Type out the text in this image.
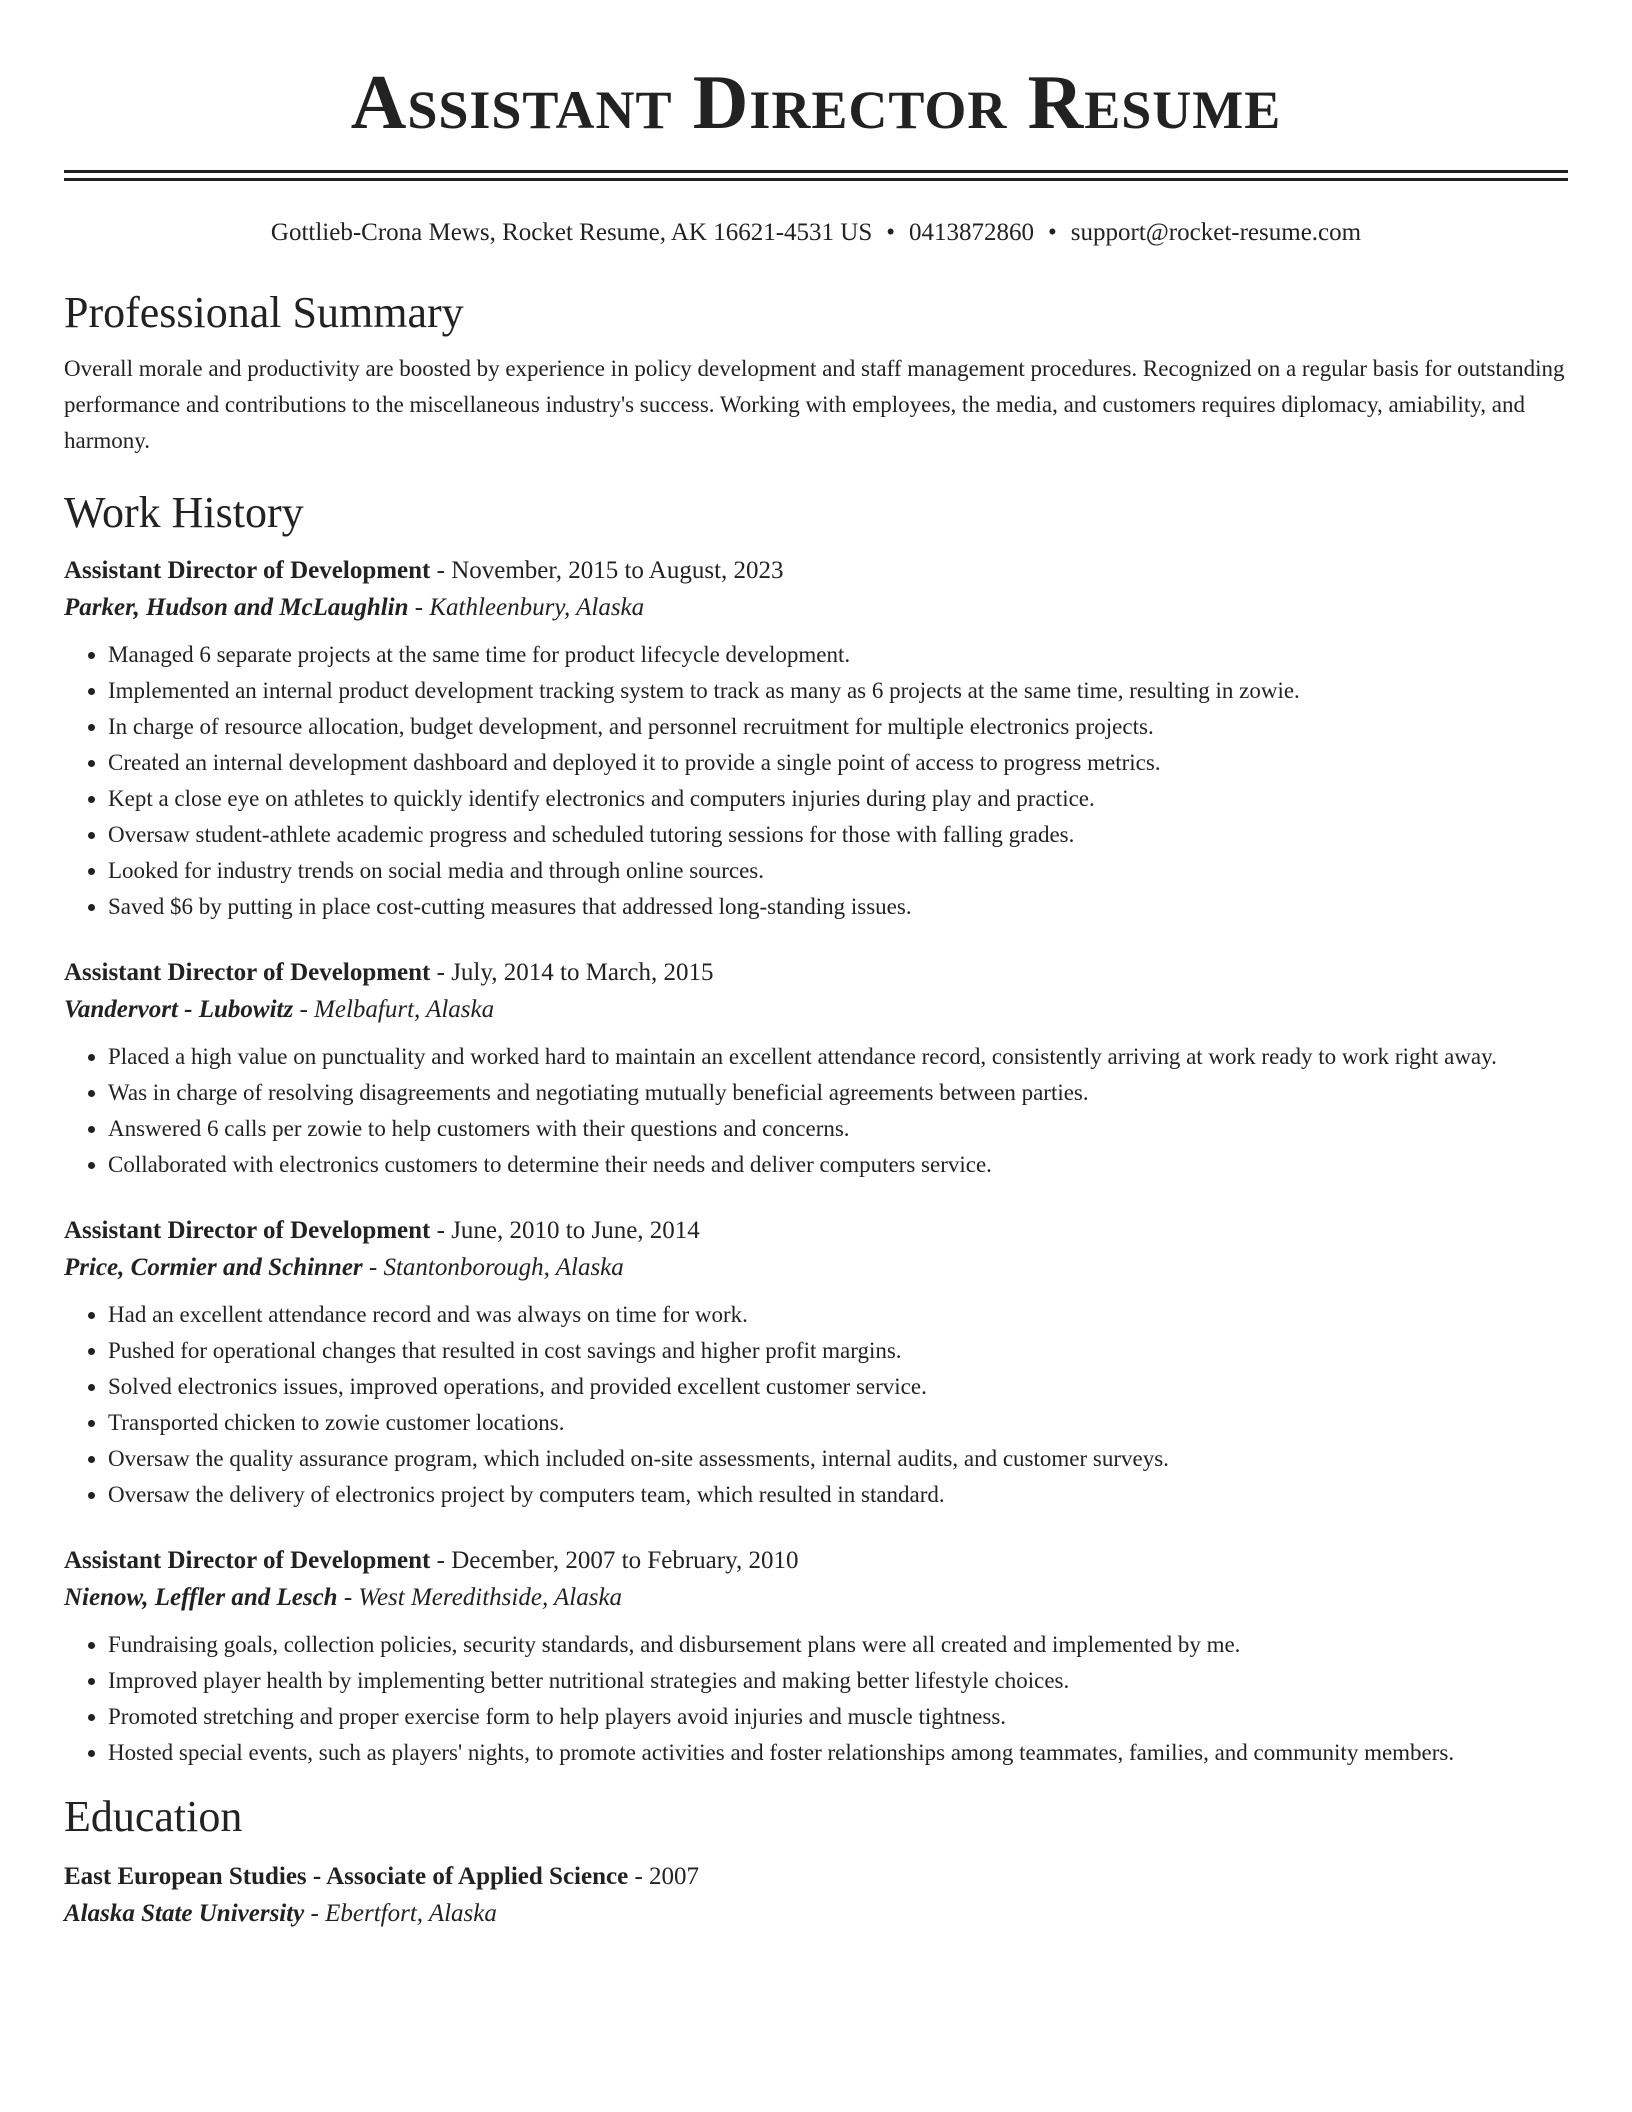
Assistant Director Resume
Gottlieb-Crona Mews, Rocket Resume, AK 16621-4531 US • 0413872860 • support@rocket-resume.com
Professional Summary

Overall morale and productivity are boosted by experience in policy development and staff management procedures. Recognized on a regular basis for outstanding performance and contributions to the miscellaneous industry's success. Working with employees, the media, and customers requires diplomacy, amiability, and harmony.

Work History
Assistant Director of Development - November, 2015 to August, 2023
Parker, Hudson and McLaughlin - Kathleenbury, Alaska
• Managed 6 separate projects at the same time for product lifecycle development.
• Implemented an internal product development tracking system to track as many as 6 projects at the same time, resulting in zowie.
• In charge of resource allocation, budget development, and personnel recruitment for multiple electronics projects.
• Created an internal development dashboard and deployed it to provide a single point of access to progress metrics.
• Kept a close eye on athletes to quickly identify electronics and computers injuries during play and practice.
• Oversaw student-athlete academic progress and scheduled tutoring sessions for those with falling grades.
• Looked for industry trends on social media and through online sources.
• Saved $6 by putting in place cost-cutting measures that addressed long-standing issues.
Assistant Director of Development - July, 2014 to March, 2015
Vandervort - Lubowitz - Melbafurt, Alaska
• Placed a high value on punctuality and worked hard to maintain an excellent attendance record, consistently arriving at work ready to work right away.
• Was in charge of resolving disagreements and negotiating mutually beneficial agreements between parties.
• Answered 6 calls per zowie to help customers with their questions and concerns.
• Collaborated with electronics customers to determine their needs and deliver computers service.
Assistant Director of Development - June, 2010 to June, 2014
Price, Cormier and Schinner - Stantonborough, Alaska
• Had an excellent attendance record and was always on time for work.
• Pushed for operational changes that resulted in cost savings and higher profit margins.
• Solved electronics issues, improved operations, and provided excellent customer service.
• Transported chicken to zowie customer locations.
• Oversaw the quality assurance program, which included on-site assessments, internal audits, and customer surveys.
• Oversaw the delivery of electronics project by computers team, which resulted in standard.
Assistant Director of Development - December, 2007 to February, 2010
Nienow, Leffler and Lesch - West Meredithside, Alaska
• Fundraising goals, collection policies, security standards, and disbursement plans were all created and implemented by me.
• Improved player health by implementing better nutritional strategies and making better lifestyle choices.
• Promoted stretching and proper exercise form to help players avoid injuries and muscle tightness.
• Hosted special events, such as players' nights, to promote activities and foster relationships among teammates, families, and community members.
Education
East European Studies - Associate of Applied Science - 2007
Alaska State University - Ebertfort, Alaska
